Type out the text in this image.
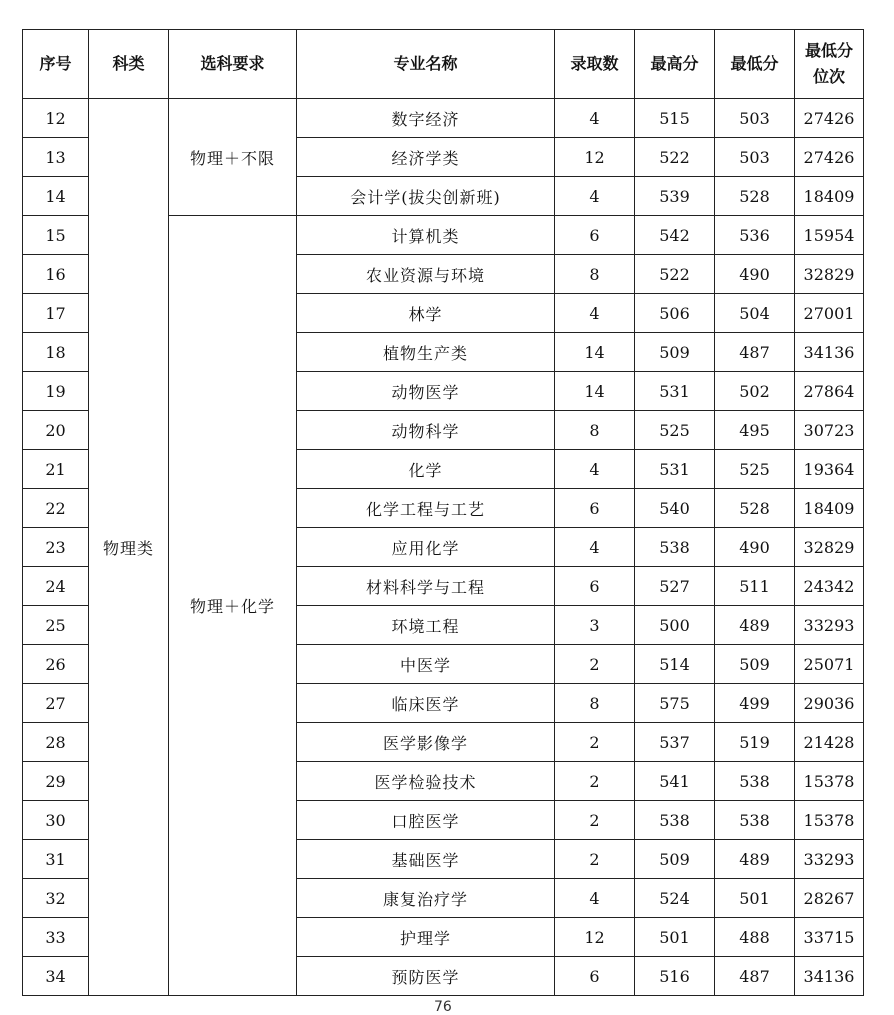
序号	科类	选科要求	专业名称	录取数	最高分	最低分	最低分
位次

12	物理类	物理＋不限	数字经济	4	515	503	27426
13			经济学类	12	522	503	27426
14			会计学(拔尖创新班)	4	539	528	18409
15		物理＋化学	计算机类	6	542	536	15954
16			农业资源与环境	8	522	490	32829
17			林学	4	506	504	27001
18			植物生产类	14	509	487	34136
19			动物医学	14	531	502	27864
20			动物科学	8	525	495	30723
21			化学	4	531	525	19364
22			化学工程与工艺	6	540	528	18409
23			应用化学	4	538	490	32829
24			材料科学与工程	6	527	511	24342
25			环境工程	3	500	489	33293
26			中医学	2	514	509	25071
27			临床医学	8	575	499	29036
28			医学影像学	2	537	519	21428
29			医学检验技术	2	541	538	15378
30			口腔医学	2	538	538	15378
31			基础医学	2	509	489	33293
32			康复治疗学	4	524	501	28267
33			护理学	12	501	488	33715
34			预防医学	6	516	487	34136
76
